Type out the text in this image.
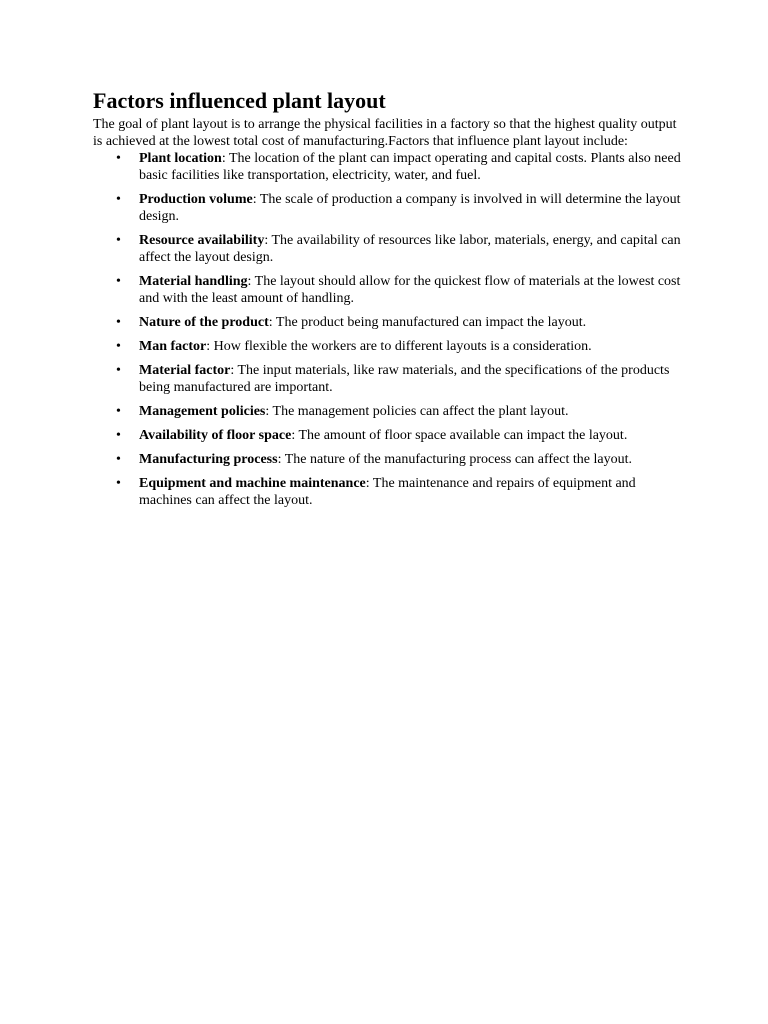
Factors influenced plant layout

The goal of plant layout is to arrange the physical facilities in a factory so that the highest quality output is achieved at the lowest total cost of manufacturing.Factors that influence plant layout include:

• Plant location: The location of the plant can impact operating and capital costs. Plants also need basic facilities like transportation, electricity, water, and fuel.
• Production volume: The scale of production a company is involved in will determine the layout design.
• Resource availability: The availability of resources like labor, materials, energy, and capital can affect the layout design.
• Material handling: The layout should allow for the quickest flow of materials at the lowest cost and with the least amount of handling.
• Nature of the product: The product being manufactured can impact the layout.
• Man factor: How flexible the workers are to different layouts is a consideration.
• Material factor: The input materials, like raw materials, and the specifications of the products being manufactured are important.
• Management policies: The management policies can affect the plant layout.
• Availability of floor space: The amount of floor space available can impact the layout.
• Manufacturing process: The nature of the manufacturing process can affect the layout.
• Equipment and machine maintenance: The maintenance and repairs of equipment and machines can affect the layout.
